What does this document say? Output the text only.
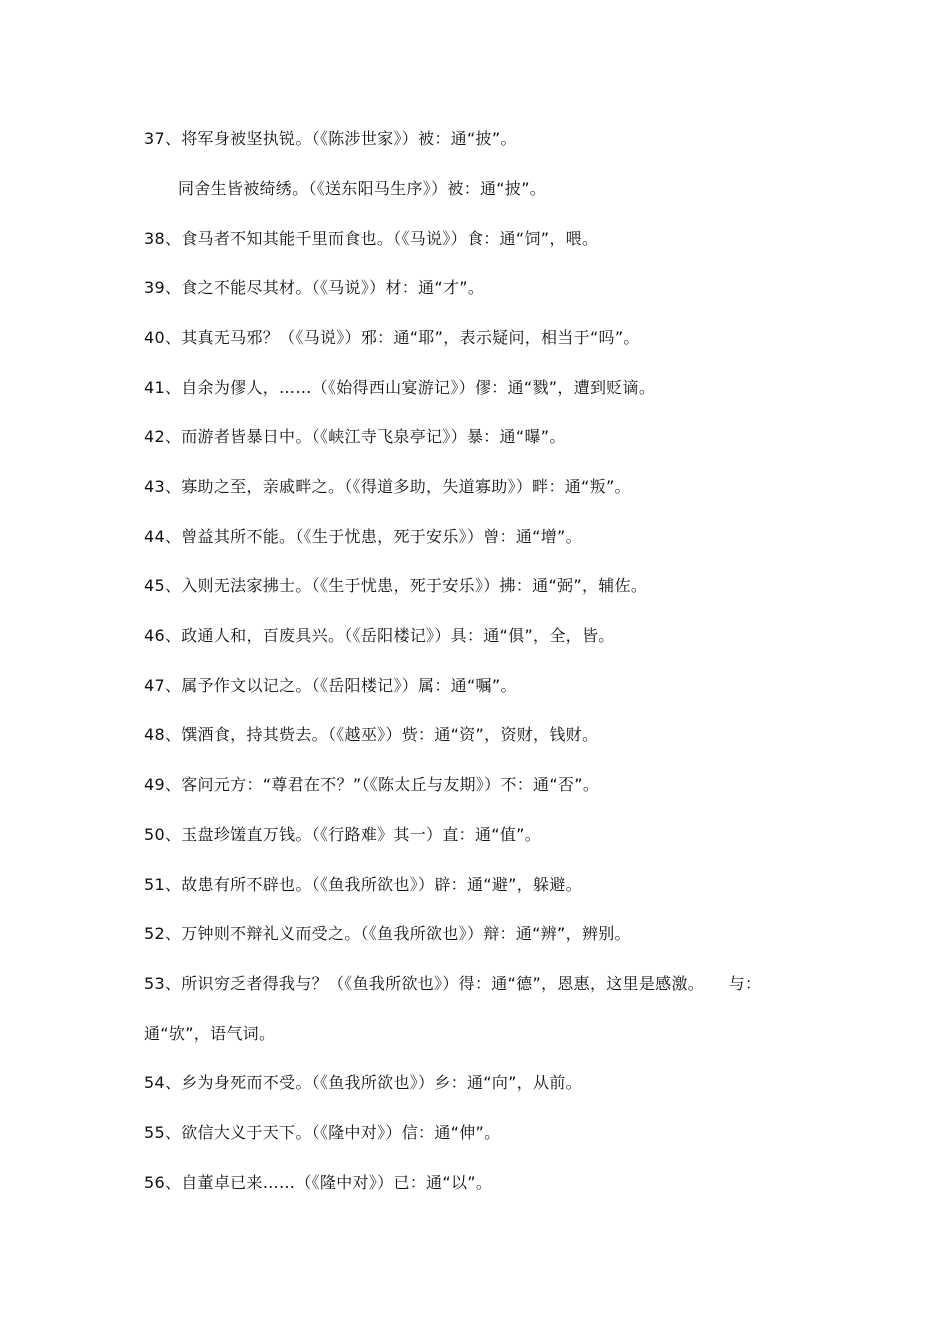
37、将军身被坚执锐。（《陈涉世家》）被：通“披”。
同舍生皆被绮绣。（《送东阳马生序》）被：通“披”。
38、食马者不知其能千里而食也。（《马说》）食：通“饲”，喂。
39、食之不能尽其材。（《马说》）材：通“才”。
40、其真无马邪？（《马说》）邪：通“耶”，表示疑问，相当于“吗”。
41、自余为僇人，……（《始得西山宴游记》）僇：通“戮”，遭到贬谪。
42、而游者皆暴日中。（《峡江寺飞泉亭记》）暴：通“曝”。
43、寡助之至，亲戚畔之。（《得道多助，失道寡助》）畔：通“叛”。
44、曾益其所不能。（《生于忧患，死于安乐》）曾：通“增”。
45、入则无法家拂士。（《生于忧患，死于安乐》）拂：通“弼”，辅佐。
46、政通人和，百废具兴。（《岳阳楼记》）具：通“俱”，全，皆。
47、属予作文以记之。（《岳阳楼记》）属：通“嘱”。
48、馔酒食，持其赀去。（《越巫》）赀：通“资”，资财，钱财。
49、客问元方：“尊君在不？”（《陈太丘与友期》）不：通“否”。
50、玉盘珍馐直万钱。（《行路难》其一）直：通“值”。
51、故患有所不辟也。（《鱼我所欲也》）辟：通“避”，躲避。
52、万钟则不辩礼义而受之。（《鱼我所欲也》）辩：通“辨”，辨别。
53、所识穷乏者得我与？（《鱼我所欲也》）得：通“德”，恩惠，这里是感激。　　与：
通“欤”，语气词。
54、乡为身死而不受。（《鱼我所欲也》）乡：通“向”，从前。
55、欲信大义于天下。（《隆中对》）信：通“伸”。
56、自董卓已来……（《隆中对》）已：通“以”。
